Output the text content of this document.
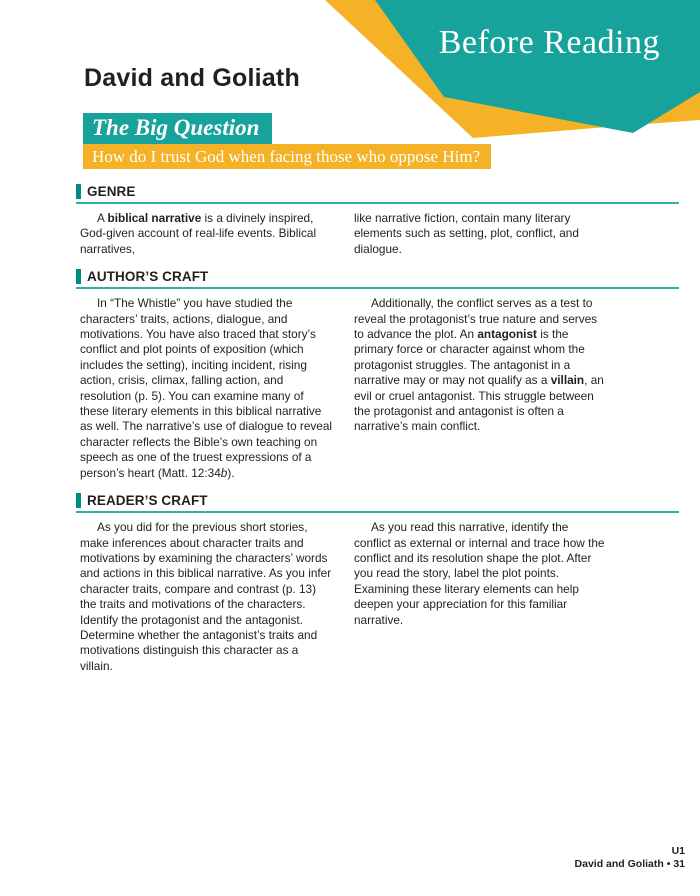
Before Reading
David and Goliath
The Big Question
How do I trust God when facing those who oppose Him?
GENRE
A biblical narrative is a divinely inspired, God-given account of real-life events. Biblical narratives,
like narrative fiction, contain many literary elements such as setting, plot, conflict, and dialogue.
AUTHOR’S CRAFT
In “The Whistle” you have studied the characters’ traits, actions, dialogue, and motivations. You have also traced that story’s conflict and plot points of exposition (which includes the setting), inciting incident, rising action, crisis, climax, falling action, and resolution (p. 5). You can examine many of these literary elements in this biblical narrative as well. The narrative’s use of dialogue to reveal character reflects the Bible’s own teaching on speech as one of the truest expressions of a person’s heart (Matt. 12:34b).
Additionally, the conflict serves as a test to reveal the protagonist’s true nature and serves to advance the plot. An antagonist is the primary force or character against whom the protagonist struggles. The antagonist in a narrative may or may not qualify as a villain, an evil or cruel antagonist. This struggle between the protagonist and antagonist is often a narrative’s main conflict.
READER’S CRAFT
As you did for the previous short stories, make inferences about character traits and motivations by examining the characters’ words and actions in this biblical narrative. As you infer character traits, compare and contrast (p. 13) the traits and motivations of the characters. Identify the protagonist and the antagonist. Determine whether the antagonist’s traits and motivations distinguish this character as a villain.
As you read this narrative, identify the conflict as external or internal and trace how the conflict and its resolution shape the plot. After you read the story, label the plot points. Examining these literary elements can help deepen your appreciation for this familiar narrative.
U1
David and Goliath • 31
